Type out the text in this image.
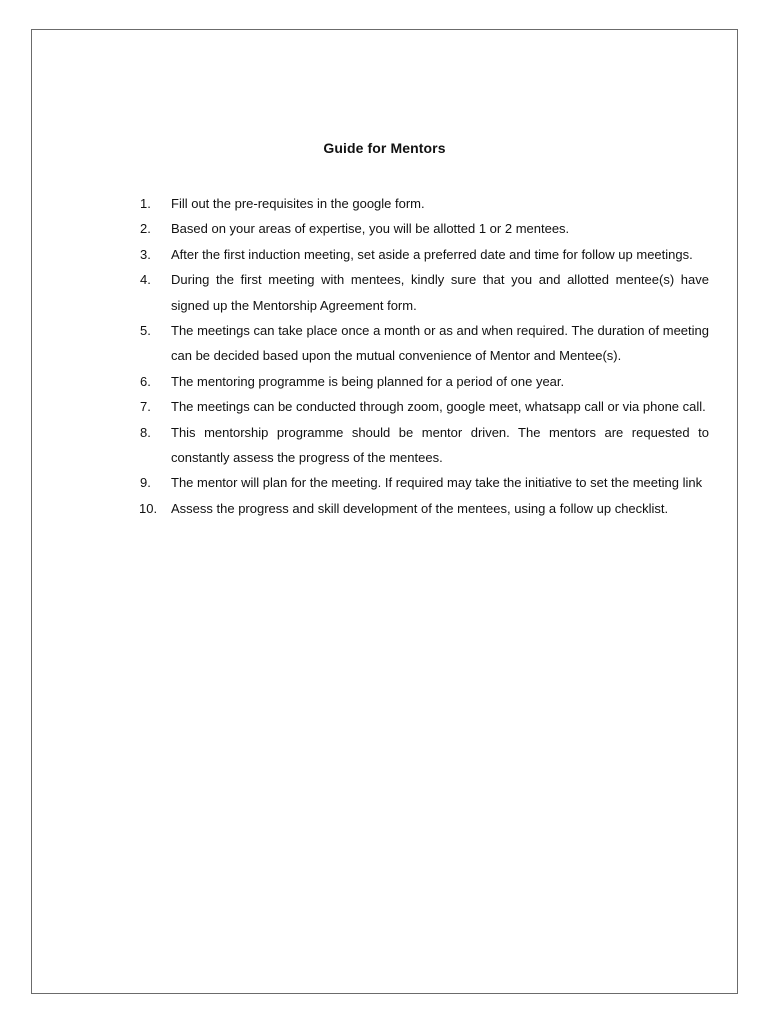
Guide for Mentors
1.	Fill out the pre-requisites in the google form.
2.	Based on your areas of expertise, you will be allotted 1 or 2 mentees.
3.	After the first induction meeting, set aside a preferred date and time for follow up meetings.
4.	During the first meeting with mentees, kindly sure that you and allotted mentee(s) have signed up the Mentorship Agreement form.
5.	The meetings can take place once a month or as and when required. The duration of meeting can be decided based upon the mutual convenience of Mentor and Mentee(s).
6.	The mentoring programme is being planned for a period of one year.
7.	The meetings can be conducted through zoom, google meet, whatsapp call or via phone call.
8.	This mentorship programme should be mentor driven. The mentors are requested to constantly assess the progress of the mentees.
9.	The mentor will plan for the meeting. If required may take the initiative to set the meeting link
10.	Assess the progress and skill development of the mentees, using a follow up checklist.
